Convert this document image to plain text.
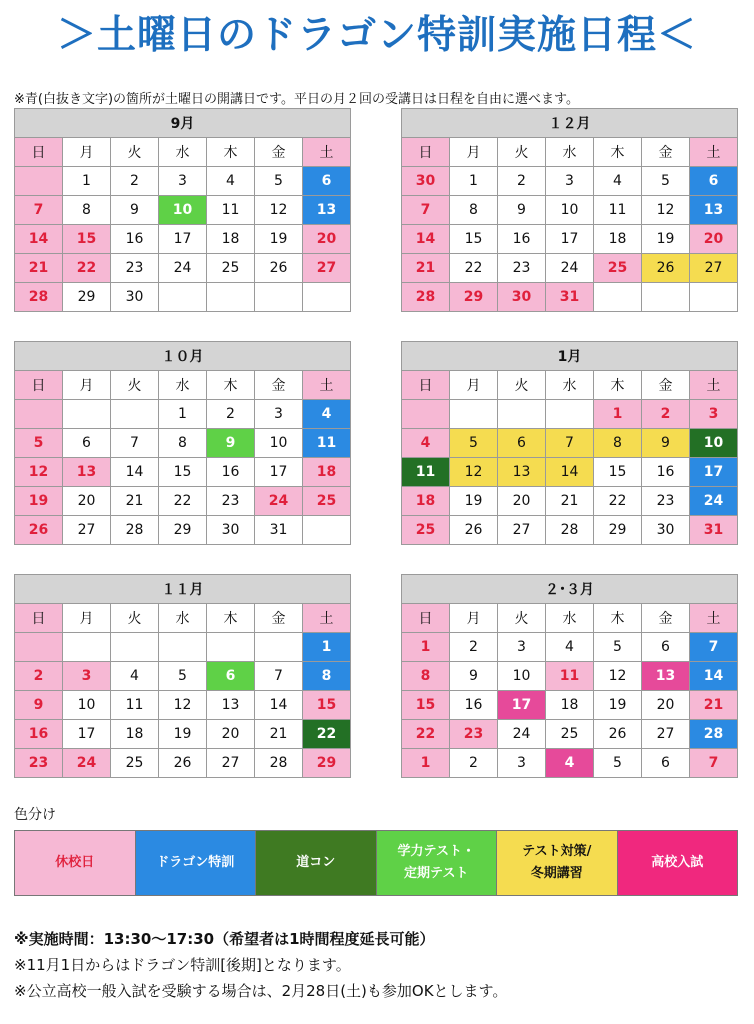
＞土曜日のドラゴン特訓実施日程＜
※青(白抜き文字)の箇所が土曜日の開講日です。平日の月２回の受講日は日程を自由に選べます。
9月						
日	月	火	水	木	金	土
	1	2	3	4	5	6
7	8	9	10	11	12	13
14	15	16	17	18	19	20
21	22	23	24	25	26	27
28	29	30				
１２月						
日	月	火	水	木	金	土
30	1	2	3	4	5	6
7	8	9	10	11	12	13
14	15	16	17	18	19	20
21	22	23	24	25	26	27
28	29	30	31			
１０月						
日	月	火	水	木	金	土
			1	2	3	4
5	6	7	8	9	10	11
12	13	14	15	16	17	18
19	20	21	22	23	24	25
26	27	28	29	30	31	
1月						
日	月	火	水	木	金	土
				1	2	3
4	5	6	7	8	9	10
11	12	13	14	15	16	17
18	19	20	21	22	23	24
25	26	27	28	29	30	31
１１月						
日	月	火	水	木	金	土
						1
2	3	4	5	6	7	8
9	10	11	12	13	14	15
16	17	18	19	20	21	22
23	24	25	26	27	28	29
２･３月						
日	月	火	水	木	金	土
1	2	3	4	5	6	7
8	9	10	11	12	13	14
15	16	17	18	19	20	21
22	23	24	25	26	27	28
1	2	3	4	5	6	7
色分け
休校日	ドラゴン特訓	道コン
学力テスト・
定期テスト
テスト対策/
冬期講習
高校入試
※実施時間：13:30～17:30（希望者は1時間程度延長可能）
※11月1日からはドラゴン特訓[後期]となります。
※公立高校一般入試を受験する場合は、2月28日(土)も参加OKとします。
